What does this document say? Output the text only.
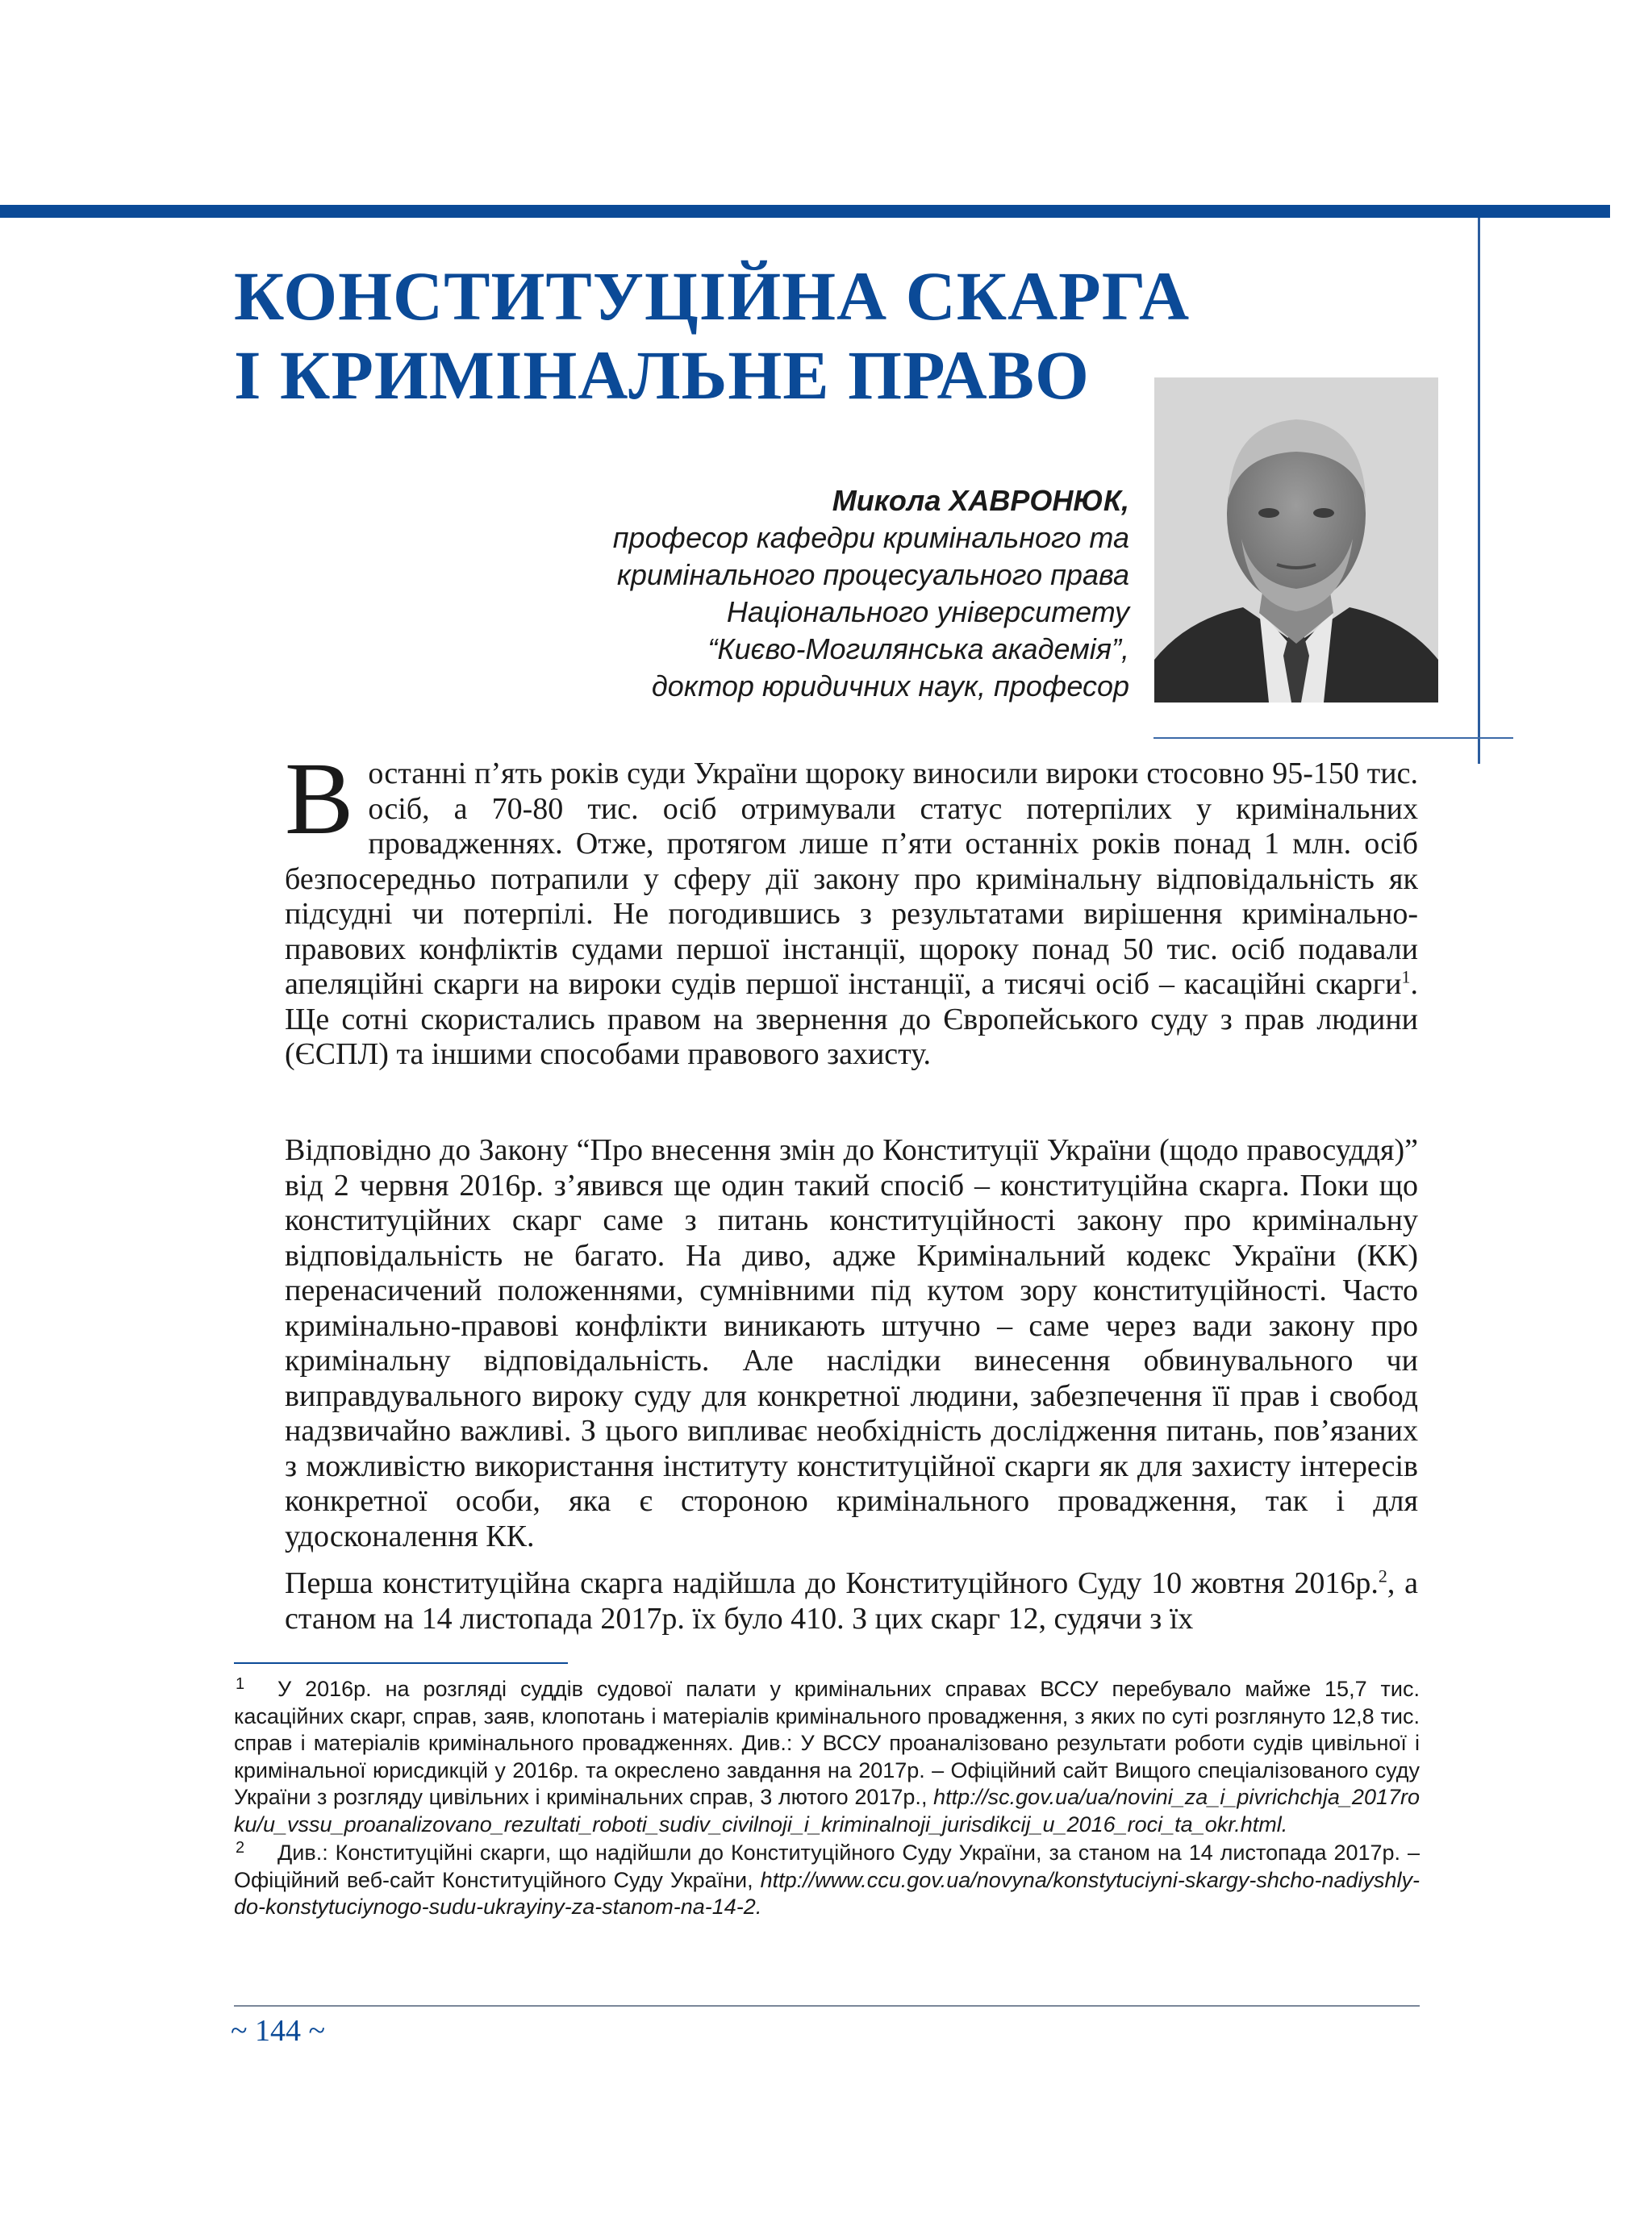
КОНСТИТУЦІЙНА СКАРГА
І КРИМІНАЛЬНЕ ПРАВО
Микола ХАВРОНЮК,
професор кафедри кримінального та
кримінального процесуального права
Національного університету
“Києво-Могилянська академія”,
доктор юридичних наук, професор

В останні п’ять років суди України щороку виносили вироки стосовно 95-150 тис. осіб, а 70-80 тис. осіб отримували статус потерпілих у кримінальних провадженнях. Отже, протягом лише п’яти останніх років понад 1 млн. осіб безпосередньо потрапили у сферу дії закону про кримінальну відповідальність як підсудні чи потерпілі. Не погодившись з результатами вирішення кримінально-правових конфліктів судами першої інстанції, щороку понад 50 тис. осіб подавали апеляційні скарги на вироки судів першої інстанції, а тисячі осіб – касаційні скарги$^1$. Ще сотні скористались правом на звернення до Європейського суду з прав людини (ЄСПЛ) та іншими способами правового захисту.

Відповідно до Закону “Про внесення змін до Конституції України (щодо правосуддя)” від 2 червня 2016р. з’явився ще один такий спосіб – конституційна скарга. Поки що конституційних скарг саме з питань конституційності закону про кримінальну відповідальність не багато. На диво, адже Кримінальний кодекс України (КК) перенасичений положеннями, сумнівними під кутом зору конституційності. Часто кримінально-правові конфлікти виникають штучно – саме через вади закону про кримінальну відповідальність. Але наслідки винесення обвинувального чи виправдувального вироку суду для конкретної людини, забезпечення її прав і свобод надзвичайно важливі. З цього випливає необхідність дослідження питань, пов’язаних з можливістю використання інституту конституційної скарги як для захисту інтересів конкретної особи, яка є стороною кримінального провадження, так і для удосконалення КК.

Перша конституційна скарга надійшла до Конституційного Суду 10 жовтня 2016р.$^2$, а станом на 14 листопада 2017р. їх було 410. З цих скарг 12, судячи з їх

1 У 2016р. на розгляді суддів судової палати у кримінальних справах ВССУ перебувало майже 15,7 тис. касаційних скарг, справ, заяв, клопотань і матеріалів кримінального провадження, з яких по суті розглянуто 12,8 тис. справ і матеріалів кримінального провадженнях. Див.: У ВССУ проаналізовано результати роботи судів цивільної і кримінальної юрисдикцій у 2016р. та окреслено завдання на 2017р. – Офіційний сайт Вищого спеціалізованого суду України з розгляду цивільних і кримінальних справ, 3 лютого 2017р., http://sc.gov.ua/ua/novini_za_i_pivrichchja_2017roku/u_vssu_proanalizovano_rezultati_roboti_sudiv_civilnoji_i_kriminalnoji_jurisdikcij_u_2016_roci_ta_okr.html.
2 Див.: Конституційні скарги, що надійшли до Конституційного Суду України, за станом на 14 листопада 2017р. – Офіційний веб-сайт Конституційного Суду України, http://www.ccu.gov.ua/novyna/konstytuciyni-skargy-shcho-nadiyshly-do-konstytuciynogo-sudu-ukrayiny-za-stanom-na-14-2.
~ 144 ~
